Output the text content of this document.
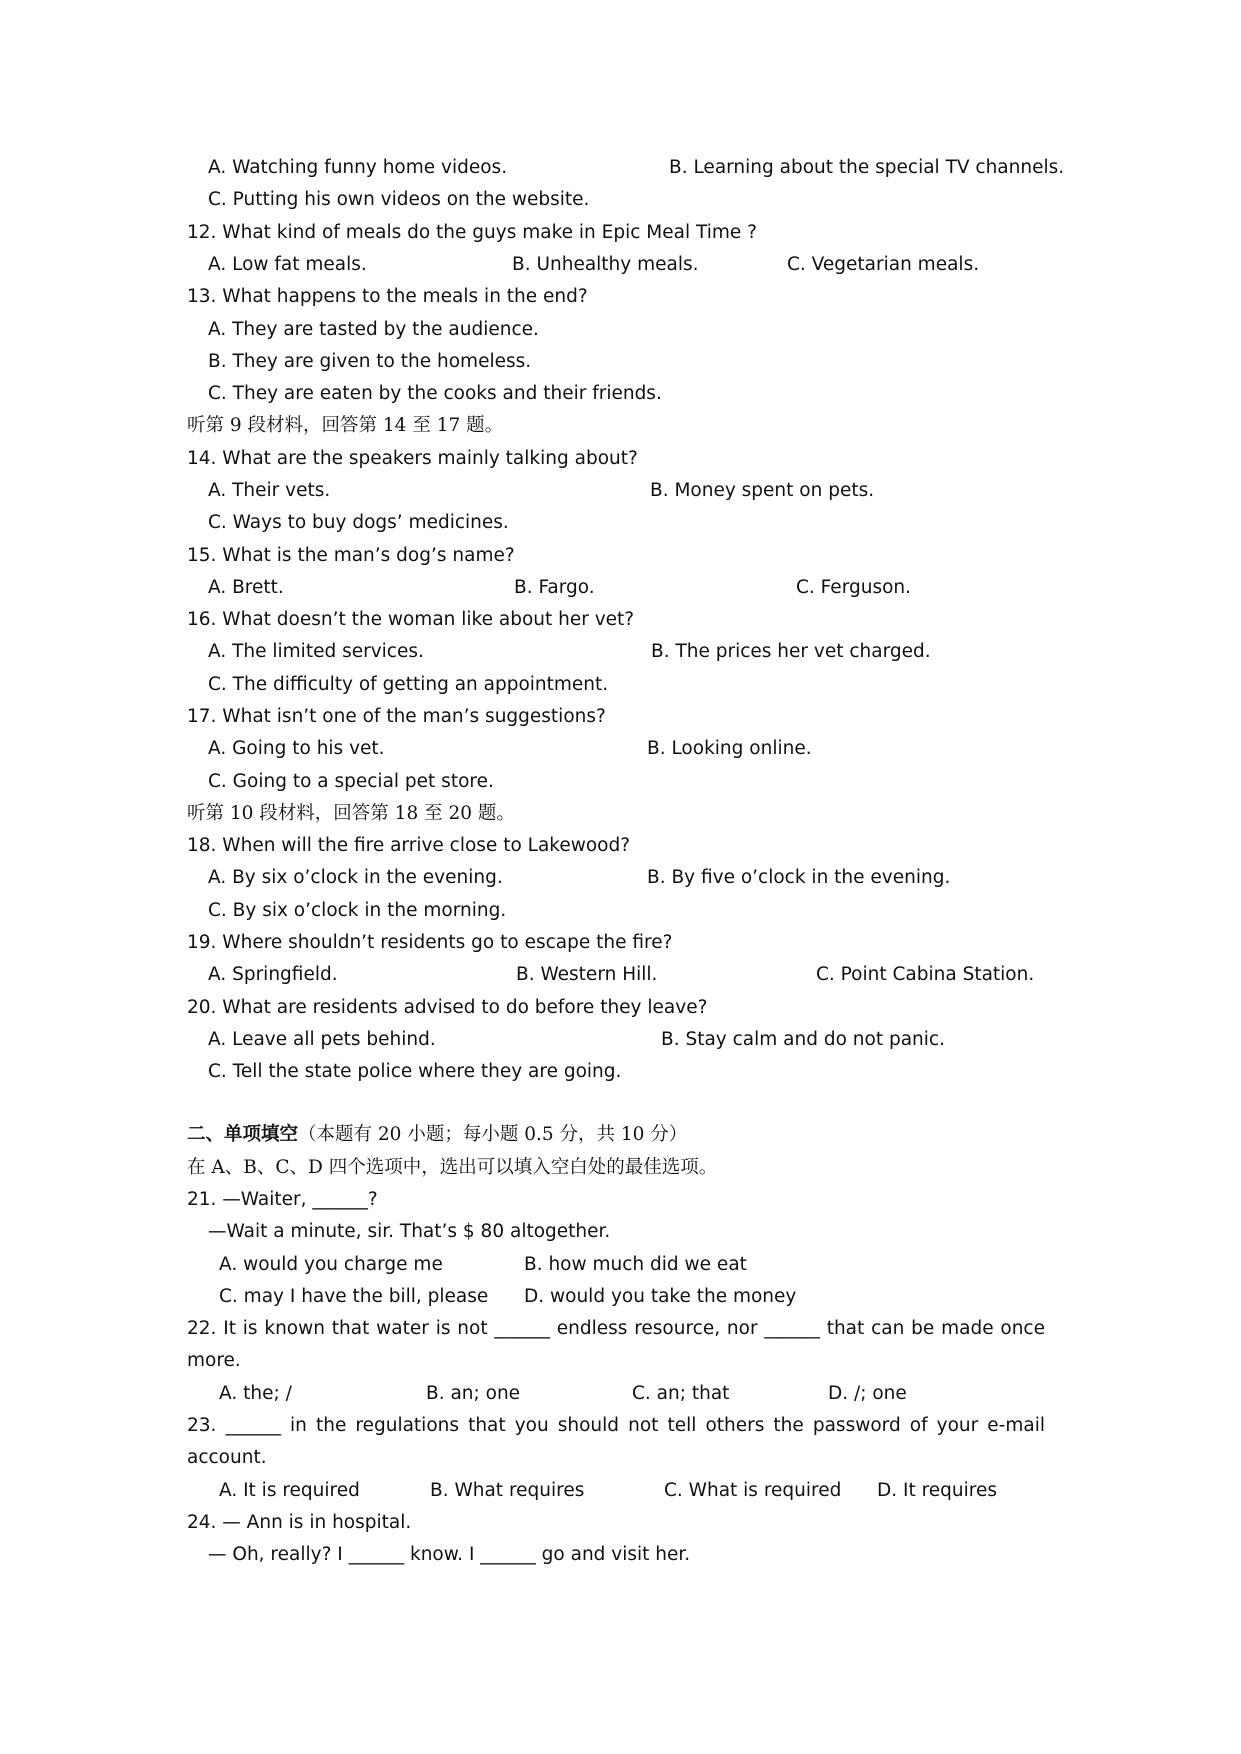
A. Watching funny home videos.	B. Learning about the special TV channels.
C. Putting his own videos on the website.
12. What kind of meals do the guys make in Epic Meal Time ?
A. Low fat meals.	B. Unhealthy meals.	C. Vegetarian meals.
13. What happens to the meals in the end?
A. They are tasted by the audience.
B. They are given to the homeless.
C. They are eaten by the cooks and their friends.
听第 9 段材料，回答第 14 至 17 题。
14. What are the speakers mainly talking about?
A. Their vets.	B. Money spent on pets.
C. Ways to buy dogs’ medicines.
15. What is the man’s dog’s name?
A. Brett.	B. Fargo.	C. Ferguson.
16. What doesn’t the woman like about her vet?
A. The limited services.	B. The prices her vet charged.
C. The difficulty of getting an appointment.
17. What isn’t one of the man’s suggestions?
A. Going to his vet.	B. Looking online.
C. Going to a special pet store.
听第 10 段材料，回答第 18 至 20 题。
18. When will the fire arrive close to Lakewood?
A. By six o’clock in the evening.	B. By five o’clock in the evening.
C. By six o’clock in the morning.
19. Where shouldn’t residents go to escape the fire?
A. Springfield.	B. Western Hill.	C. Point Cabina Station.
20. What are residents advised to do before they leave?
A. Leave all pets behind.	B. Stay calm and do not panic.
C. Tell the state police where they are going.
二、单项填空（本题有 20 小题；每小题 0.5 分，共 10 分）
在 A、B、C、D 四个选项中，选出可以填入空白处的最佳选项。
21. —Waiter, ______?
—Wait a minute, sir. That’s $ 80 altogether.
A. would you charge me	B. how much did we eat
C. may I have the bill, please D. would you take the money
22. It is known that water is not ______ endless resource, nor ______ that can be made once
more.
A. the; /	B. an; one	C. an; that	D. /; one
23. ______ in the regulations that you should not tell others the password of your e-mail
account.
A. It is required	B. What requires	C. What is required D. It requires
24. — Ann is in hospital.
— Oh, really? I ______ know. I ______ go and visit her.
